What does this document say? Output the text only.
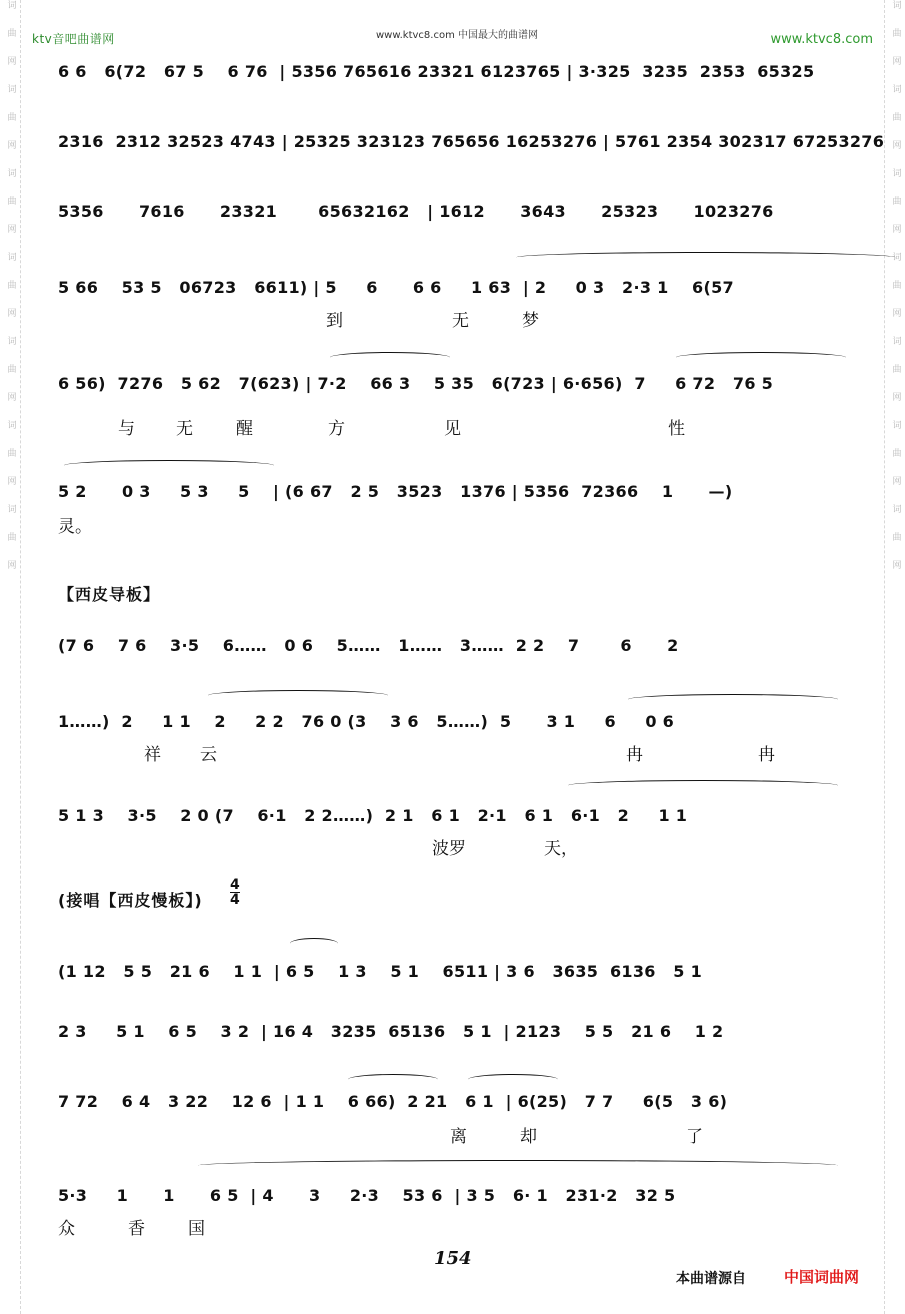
词
曲
网
词
曲
网
词
曲
网
词
曲
网
词
曲
网
词
曲
网
词
曲
网
词
曲
网
词
曲
网
词
曲
网
词
曲
网
词
曲
网
词
曲
网
词
曲
网
ktv音吧曲谱网	www.ktvc8.com 中国最大的曲谱网	www.ktvc8.com
6 6   6(72   67 5    6 76  | 5356 765616 23321 6123765 | 3·325  3235  2353  65325
2316  2312 32523 4743 | 25325 323123 765656 16253276 | 5761 2354 302317 67253276
5356      7616      23321       65632162   | 1612      3643      25323      1023276
5 66    53 5   06723   6611) | 5     6      6 6     1 63  | 2     0 3   2·3 1    6(57
到	无	梦
6 56)  7276   5 62   7(623) | 7·2    66 3    5 35   6(723 | 6·656)  7     6 72   76 5
与 无	醒	方	见	性
5 2      0 3     5 3     5    | (6 67   2 5   3523   1376 | 5356  72366    1      —)
灵。
【西皮导板】
(7 6    7 6    3·5    6……   0 6    5……   1……   3……  2 2    7       6      2
1……)  2     1 1    2     2 2   76 0 (3    3 6   5……)  5      3 1     6     0 6
祥 云	冉	冉
5 1 3    3·5    2 0 (7    6·1   2 2……)  2 1   6 1   2·1   6 1   6·1   2     1 1
波罗	天，
(接唱【西皮慢板】)
4
4
(1 12   5 5   21 6    1 1  | 6 5    1 3    5 1    6511 | 3 6   3635  6136   5 1
2 3     5 1    6 5    3 2  | 16 4   3235  65136   5 1  | 2123    5 5   21 6    1 2
7 72    6 4   3 22    12 6  | 1 1    6 66)  2 21   6 1  | 6(25)   7 7     6(5   3 6)
离	却	了
5·3     1      1      6 5  | 4      3     2·3    53 6  | 3 5   6· 1   231·2   32 5
众	香	国
154
本曲谱源自	中国词曲网
